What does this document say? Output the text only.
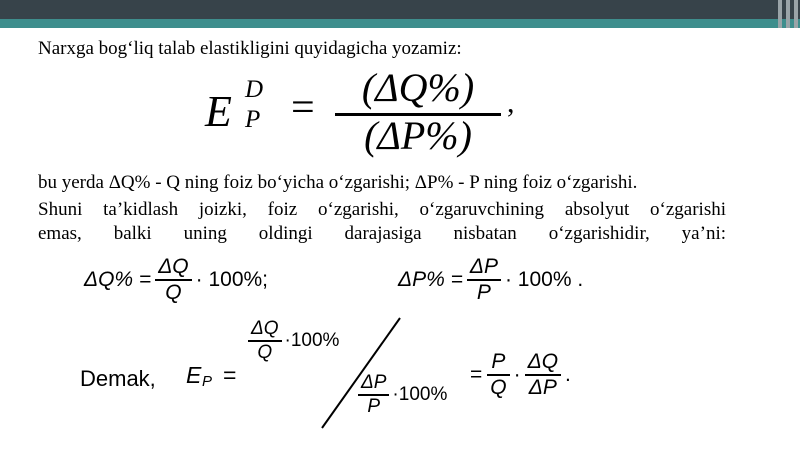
Narxga bog‘liq talab elastikligini quyidagicha yozamiz:
E D
P =	(ΔQ%)
(ΔP%)
,
bu yerda ΔQ% - Q ning foiz bo‘yicha o‘zgarishi; ΔP% - P ning foiz o‘zgarishi.
Shuni ta’kidlash joizki, foiz o‘zgarishi, o‘zgaruvchining absolyut o‘zgarishi
emas, balki uning oldingi darajasiga nisbatan o‘zgarishidir, ya’ni:
$\Delta Q\% = \frac{\Delta Q}{Q} \cdot 100\%$;	$\Delta P\% = \frac{\Delta P}{P} \cdot 100\%$ .
Demak, E P =
$\frac{\Delta Q}{Q} \cdot 100\%$
$\frac{\Delta P}{P} \cdot 100\%$
= $\frac{P}{Q} \cdot \frac{\Delta Q}{\Delta P}$ .
